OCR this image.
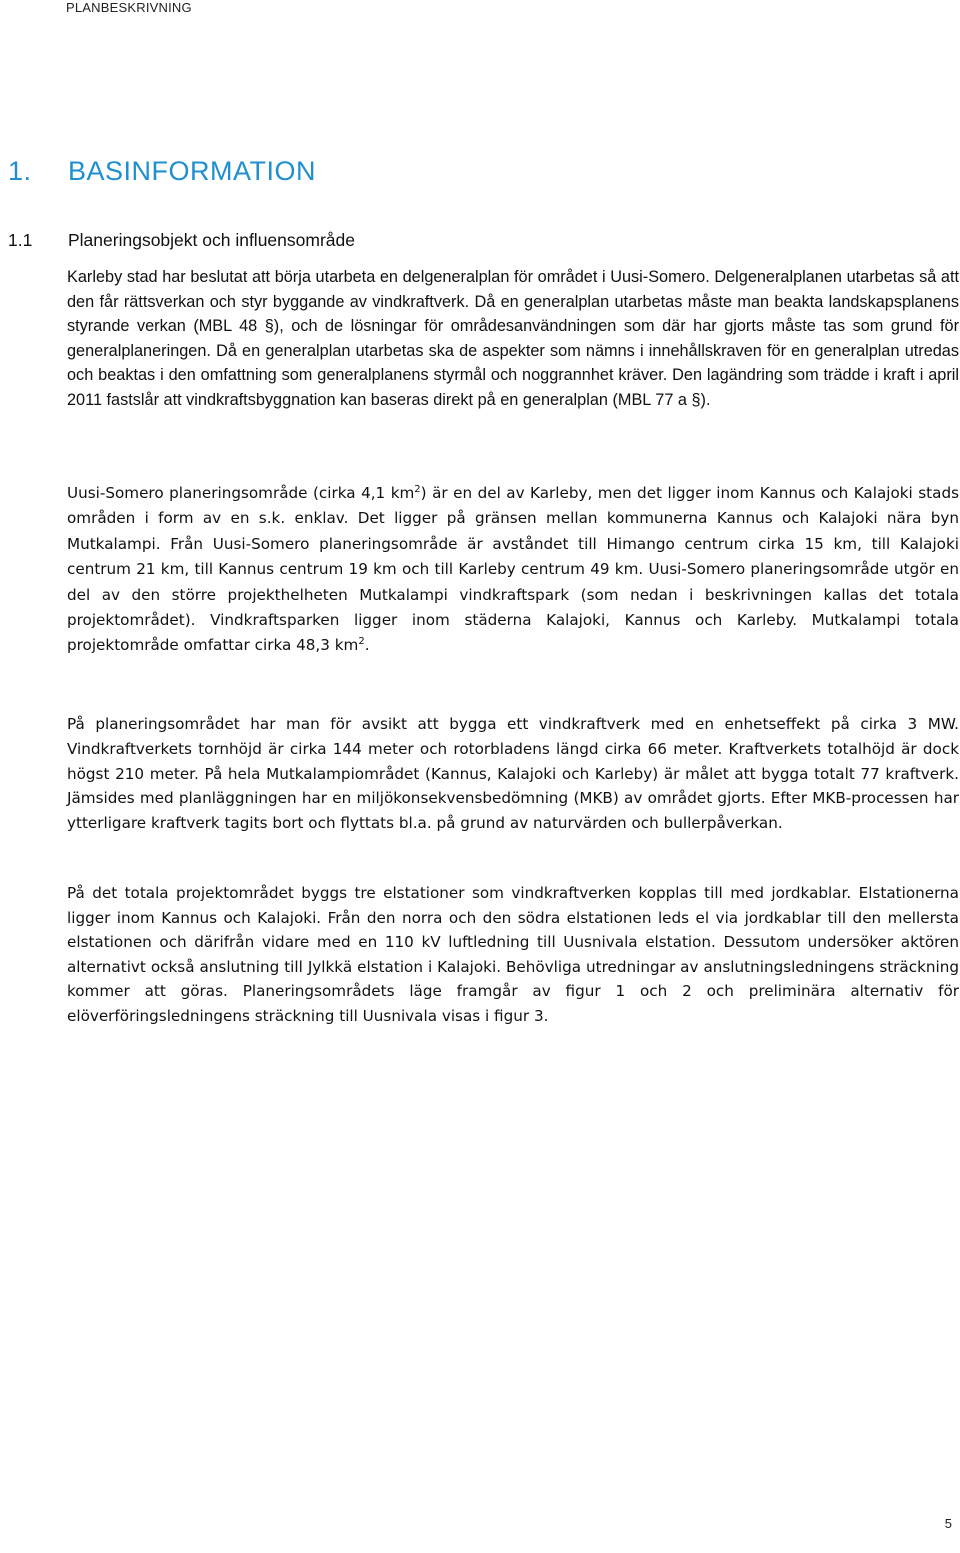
PLANBESKRIVNING
1. BASINFORMATION
1.1 Planeringsobjekt och influensområde

Karleby stad har beslutat att börja utarbeta en delgeneralplan för området i Uusi-Somero. Delgeneralplanen utarbetas så att den får rättsverkan och styr byggande av vindkraftverk. Då en generalplan utarbetas måste man beakta landskapsplanens styrande verkan (MBL 48 §), och de lösningar för områdesanvändningen som där har gjorts måste tas som grund för generalplaneringen. Då en generalplan utarbetas ska de aspekter som nämns i innehållskraven för en generalplan utredas och beaktas i den omfattning som generalplanens styrmål och noggrannhet kräver. Den lagändring som trädde i kraft i april 2011 fastslår att vindkraftsbyggnation kan baseras direkt på en generalplan (MBL 77 a §).

Uusi-Somero planeringsområde (cirka 4,1 $km^2$) är en del av Karleby, men det ligger inom Kannus och Kalajoki stads områden i form av en s.k. enklav. Det ligger på gränsen mellan kommunerna Kannus och Kalajoki nära byn Mutkalampi. Från Uusi-Somero planeringsområde är avståndet till Himango centrum cirka 15 km, till Kalajoki centrum 21 km, till Kannus centrum 19 km och till Karleby centrum 49 km. Uusi-Somero planeringsområde utgör en del av den större projekthelheten Mutkalampi vindkraftspark (som nedan i beskrivningen kallas det totala projektområdet). Vindkraftsparken ligger inom städerna Kalajoki, Kannus och Karleby. Mutkalampi totala projektområde omfattar cirka 48,3 $km^2$.

På planeringsområdet har man för avsikt att bygga ett vindkraftverk med en enhetseffekt på cirka 3 MW. Vindkraftverkets tornhöjd är cirka 144 meter och rotorbladens längd cirka 66 meter. Kraftverkets totalhöjd är dock högst 210 meter. På hela Mutkalampiområdet (Kannus, Kalajoki och Karleby) är målet att bygga totalt 77 kraftverk. Jämsides med planläggningen har en miljökonsekvensbedömning (MKB) av området gjorts. Efter MKB-processen har ytterligare kraftverk tagits bort och flyttats bl.a. på grund av naturvärden och bullerpåverkan.

På det totala projektområdet byggs tre elstationer som vindkraftverken kopplas till med jordkablar. Elstationerna ligger inom Kannus och Kalajoki. Från den norra och den södra elstationen leds el via jordkablar till den mellersta elstationen och därifrån vidare med en 110 kV luftledning till Uusnivala elstation. Dessutom undersöker aktören alternativt också anslutning till Jylkkä elstation i Kalajoki. Behövliga utredningar av anslutningsledningens sträckning kommer att göras. Planeringsområdets läge framgår av figur 1 och 2 och preliminära alternativ för elöverföringsledningens sträckning till Uusnivala visas i figur 3.

5
